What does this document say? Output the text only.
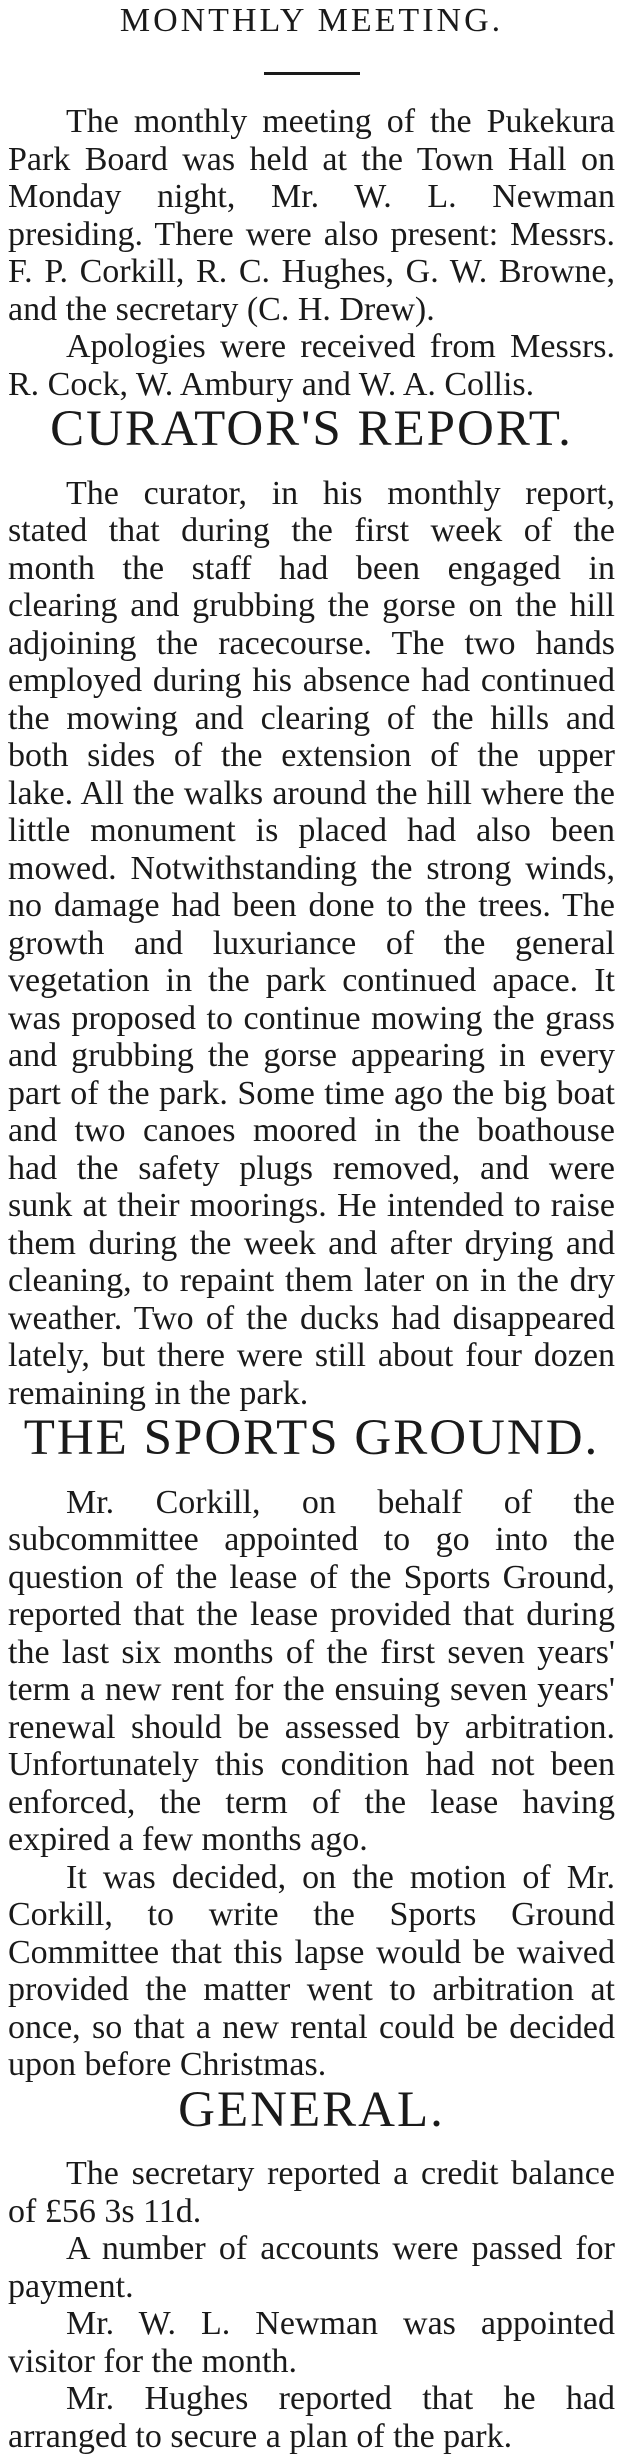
MONTHLY MEETING.

The monthly meeting of the Pukekura Park Board was held at the Town Hall on Monday night, Mr. W. L. Newman presiding. There were also present: Messrs. F. P. Corkill, R. C. Hughes, G. W. Browne, and the secretary (C. H. Drew).

Apologies were received from Messrs. R. Cock, W. Ambury and W. A. Collis.

CURATOR'S REPORT.

The curator, in his monthly report, stated that during the first week of the month the staff had been engaged in clearing and grubbing the gorse on the hill adjoining the racecourse. The two hands employed during his absence had continued the mowing and clearing of the hills and both sides of the extension of the upper lake. All the walks around the hill where the little monument is placed had also been mowed. Notwithstanding the strong winds, no damage had been done to the trees. The growth and luxuriance of the general vegetation in the park continued apace. It was proposed to continue mowing the grass and grubbing the gorse appearing in every part of the park. Some time ago the big boat and two canoes moored in the boathouse had the safety plugs removed, and were sunk at their moorings. He intended to raise them during the week and after drying and cleaning, to repaint them later on in the dry weather. Two of the ducks had disappeared lately, but there were still about four dozen remaining in the park.

THE SPORTS GROUND.

Mr. Corkill, on behalf of the subcommittee appointed to go into the question of the lease of the Sports Ground, reported that the lease provided that during the last six months of the first seven years' term a new rent for the ensuing seven years' renewal should be assessed by arbitration. Unfortunately this condition had not been enforced, the term of the lease having expired a few months ago.

It was decided, on the motion of Mr. Corkill, to write the Sports Ground Committee that this lapse would be waived provided the matter went to arbitration at once, so that a new rental could be decided upon before Christmas.

GENERAL.

The secretary reported a credit balance of £56 3s 11d.

A number of accounts were passed for payment.

Mr. W. L. Newman was appointed visitor for the month.

Mr. Hughes reported that he had arranged to secure a plan of the park.
